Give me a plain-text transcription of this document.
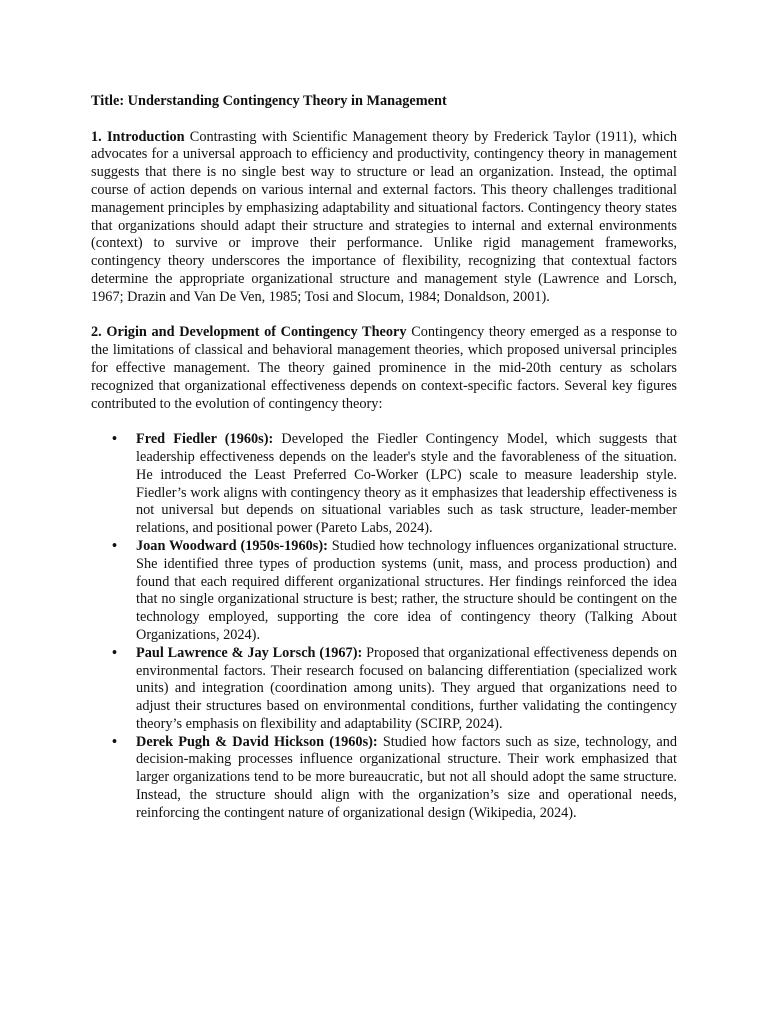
Title: Understanding Contingency Theory in Management

1. Introduction Contrasting with Scientific Management theory by Frederick Taylor (1911), which advocates for a universal approach to efficiency and productivity, contingency theory in management suggests that there is no single best way to structure or lead an organization. Instead, the optimal course of action depends on various internal and external factors. This theory challenges traditional management principles by emphasizing adaptability and situational factors. Contingency theory states that organizations should adapt their structure and strategies to internal and external environments (context) to survive or improve their performance. Unlike rigid management frameworks, contingency theory underscores the importance of flexibility, recognizing that contextual factors determine the appropriate organizational structure and management style (Lawrence and Lorsch, 1967; Drazin and Van De Ven, 1985; Tosi and Slocum, 1984; Donaldson, 2001).

2. Origin and Development of Contingency Theory Contingency theory emerged as a response to the limitations of classical and behavioral management theories, which proposed universal principles for effective management. The theory gained prominence in the mid-20th century as scholars recognized that organizational effectiveness depends on context-specific factors. Several key figures contributed to the evolution of contingency theory:

• Fred Fiedler (1960s): Developed the Fiedler Contingency Model, which suggests that leadership effectiveness depends on the leader's style and the favorableness of the situation. He introduced the Least Preferred Co-Worker (LPC) scale to measure leadership style. Fiedler’s work aligns with contingency theory as it emphasizes that leadership effectiveness is not universal but depends on situational variables such as task structure, leader-member relations, and positional power (Pareto Labs, 2024).
• Joan Woodward (1950s-1960s): Studied how technology influences organizational structure. She identified three types of production systems (unit, mass, and process production) and found that each required different organizational structures. Her findings reinforced the idea that no single organizational structure is best; rather, the structure should be contingent on the technology employed, supporting the core idea of contingency theory (Talking About Organizations, 2024).
• Paul Lawrence & Jay Lorsch (1967): Proposed that organizational effectiveness depends on environmental factors. Their research focused on balancing differentiation (specialized work units) and integration (coordination among units). They argued that organizations need to adjust their structures based on environmental conditions, further validating the contingency theory’s emphasis on flexibility and adaptability (SCIRP, 2024).
• Derek Pugh & David Hickson (1960s): Studied how factors such as size, technology, and decision-making processes influence organizational structure. Their work emphasized that larger organizations tend to be more bureaucratic, but not all should adopt the same structure. Instead, the structure should align with the organization’s size and operational needs, reinforcing the contingent nature of organizational design (Wikipedia, 2024).
